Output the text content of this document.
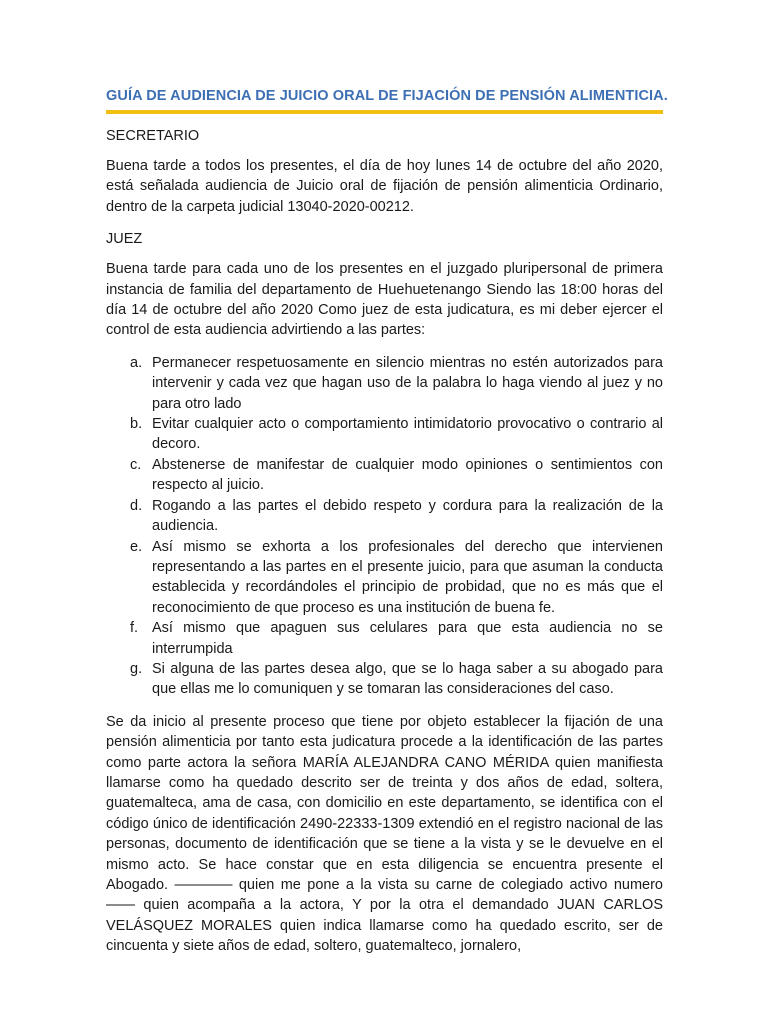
GUÍA DE AUDIENCIA DE JUICIO ORAL DE FIJACIÓN DE PENSIÓN ALIMENTICIA.
SECRETARIO

Buena tarde a todos los presentes, el día de hoy lunes 14 de octubre del año 2020, está señalada audiencia de Juicio oral de fijación de pensión alimenticia Ordinario, dentro de la carpeta judicial 13040-2020-00212.

JUEZ

Buena tarde para cada uno de los presentes en el juzgado pluripersonal de primera instancia de familia del departamento de Huehuetenango Siendo las 18:00 horas del día 14 de octubre del año 2020 Como juez de esta judicatura, es mi deber ejercer el control de esta audiencia advirtiendo a las partes:

a. Permanecer respetuosamente en silencio mientras no estén autorizados para intervenir y cada vez que hagan uso de la palabra lo haga viendo al juez y no para otro lado
b. Evitar cualquier acto o comportamiento intimidatorio provocativo o contrario al decoro.
c. Abstenerse de manifestar de cualquier modo opiniones o sentimientos con respecto al juicio.
d. Rogando a las partes el debido respeto y cordura para la realización de la audiencia.
e. Así mismo se exhorta a los profesionales del derecho que intervienen representando a las partes en el presente juicio, para que asuman la conducta establecida y recordándoles el principio de probidad, que no es más que el reconocimiento de que proceso es una institución de buena fe.
f. Así mismo que apaguen sus celulares para que esta audiencia no se interrumpida
g. Si alguna de las partes desea algo, que se lo haga saber a su abogado para que ellas me lo comuniquen y se tomaran las consideraciones del caso.

Se da inicio al presente proceso que tiene por objeto establecer la fijación de una pensión alimenticia por tanto esta judicatura procede a la identificación de las partes como parte actora la señora MARÍA ALEJANDRA CANO MÉRIDA quien manifiesta llamarse como ha quedado descrito ser de treinta y dos años de edad, soltera, guatemalteca, ama de casa, con domicilio en este departamento, se identifica con el código único de identificación 2490-22333-1309 extendió en el registro nacional de las personas, documento de identificación que se tiene a la vista y se le devuelve en el mismo acto. Se hace constar que en esta diligencia se encuentra presente el Abogado. ———— quien me pone a la vista su carne de colegiado activo numero —— quien acompaña a la actora, Y por la otra el demandado JUAN CARLOS VELÁSQUEZ MORALES quien indica llamarse como ha quedado escrito, ser de cincuenta y siete años de edad, soltero, guatemalteco, jornalero,
